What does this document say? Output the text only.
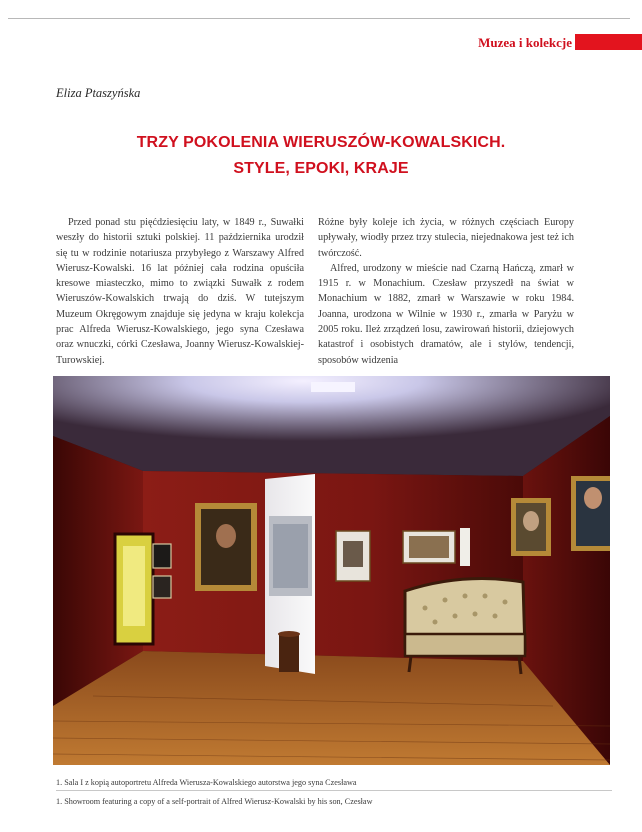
Muzea i kolekcje
Eliza Ptaszyńska
TRZY POKOLENIA WIERUSZÓW-KOWALSKICH.
STYLE, EPOKI, KRAJE

Przed ponad stu pięćdziesięciu laty, w 1849 r., Suwałki weszły do historii sztuki polskiej. 11 października urodził się tu w rodzinie notariusza przybyłego z Warszawy Alfred Wierusz-Kowalski. 16 lat później cała rodzina opuściła kresowe miasteczko, mimo to związki Suwałk z rodem Wieruszów-Kowalskich trwają do dziś. W tutejszym Muzeum Okręgowym znajduje się jedyna w kraju kolekcja prac Alfreda Wierusz-Kowalskiego, jego syna Czesława oraz wnuczki, córki Czesława, Joanny Wierusz-Kowalskiej-Turowskiej.

Różne były koleje ich życia, w różnych częściach Europy upływały, wiodły przez trzy stulecia, niejednakowa jest też ich twórczość.

Alfred, urodzony w mieście nad Czarną Hańczą, zmarł w 1915 r. w Monachium. Czesław przyszedł na świat w Monachium w 1882, zmarł w Warszawie w roku 1984. Joanna, urodzona w Wilnie w 1930 r., zmarła w Paryżu w 2005 roku. Ileż zrządzeń losu, zawirowań historii, dziejowych katastrof i osobistych dramatów, ale i stylów, tendencji, sposobów widzenia

1. Sala I z kopią autoportretu Alfreda Wierusza-Kowalskiego autorstwa jego syna Czesława
1. Showroom featuring a copy of a self-portrait of Alfred Wierusz-Kowalski by his son, Czesław
